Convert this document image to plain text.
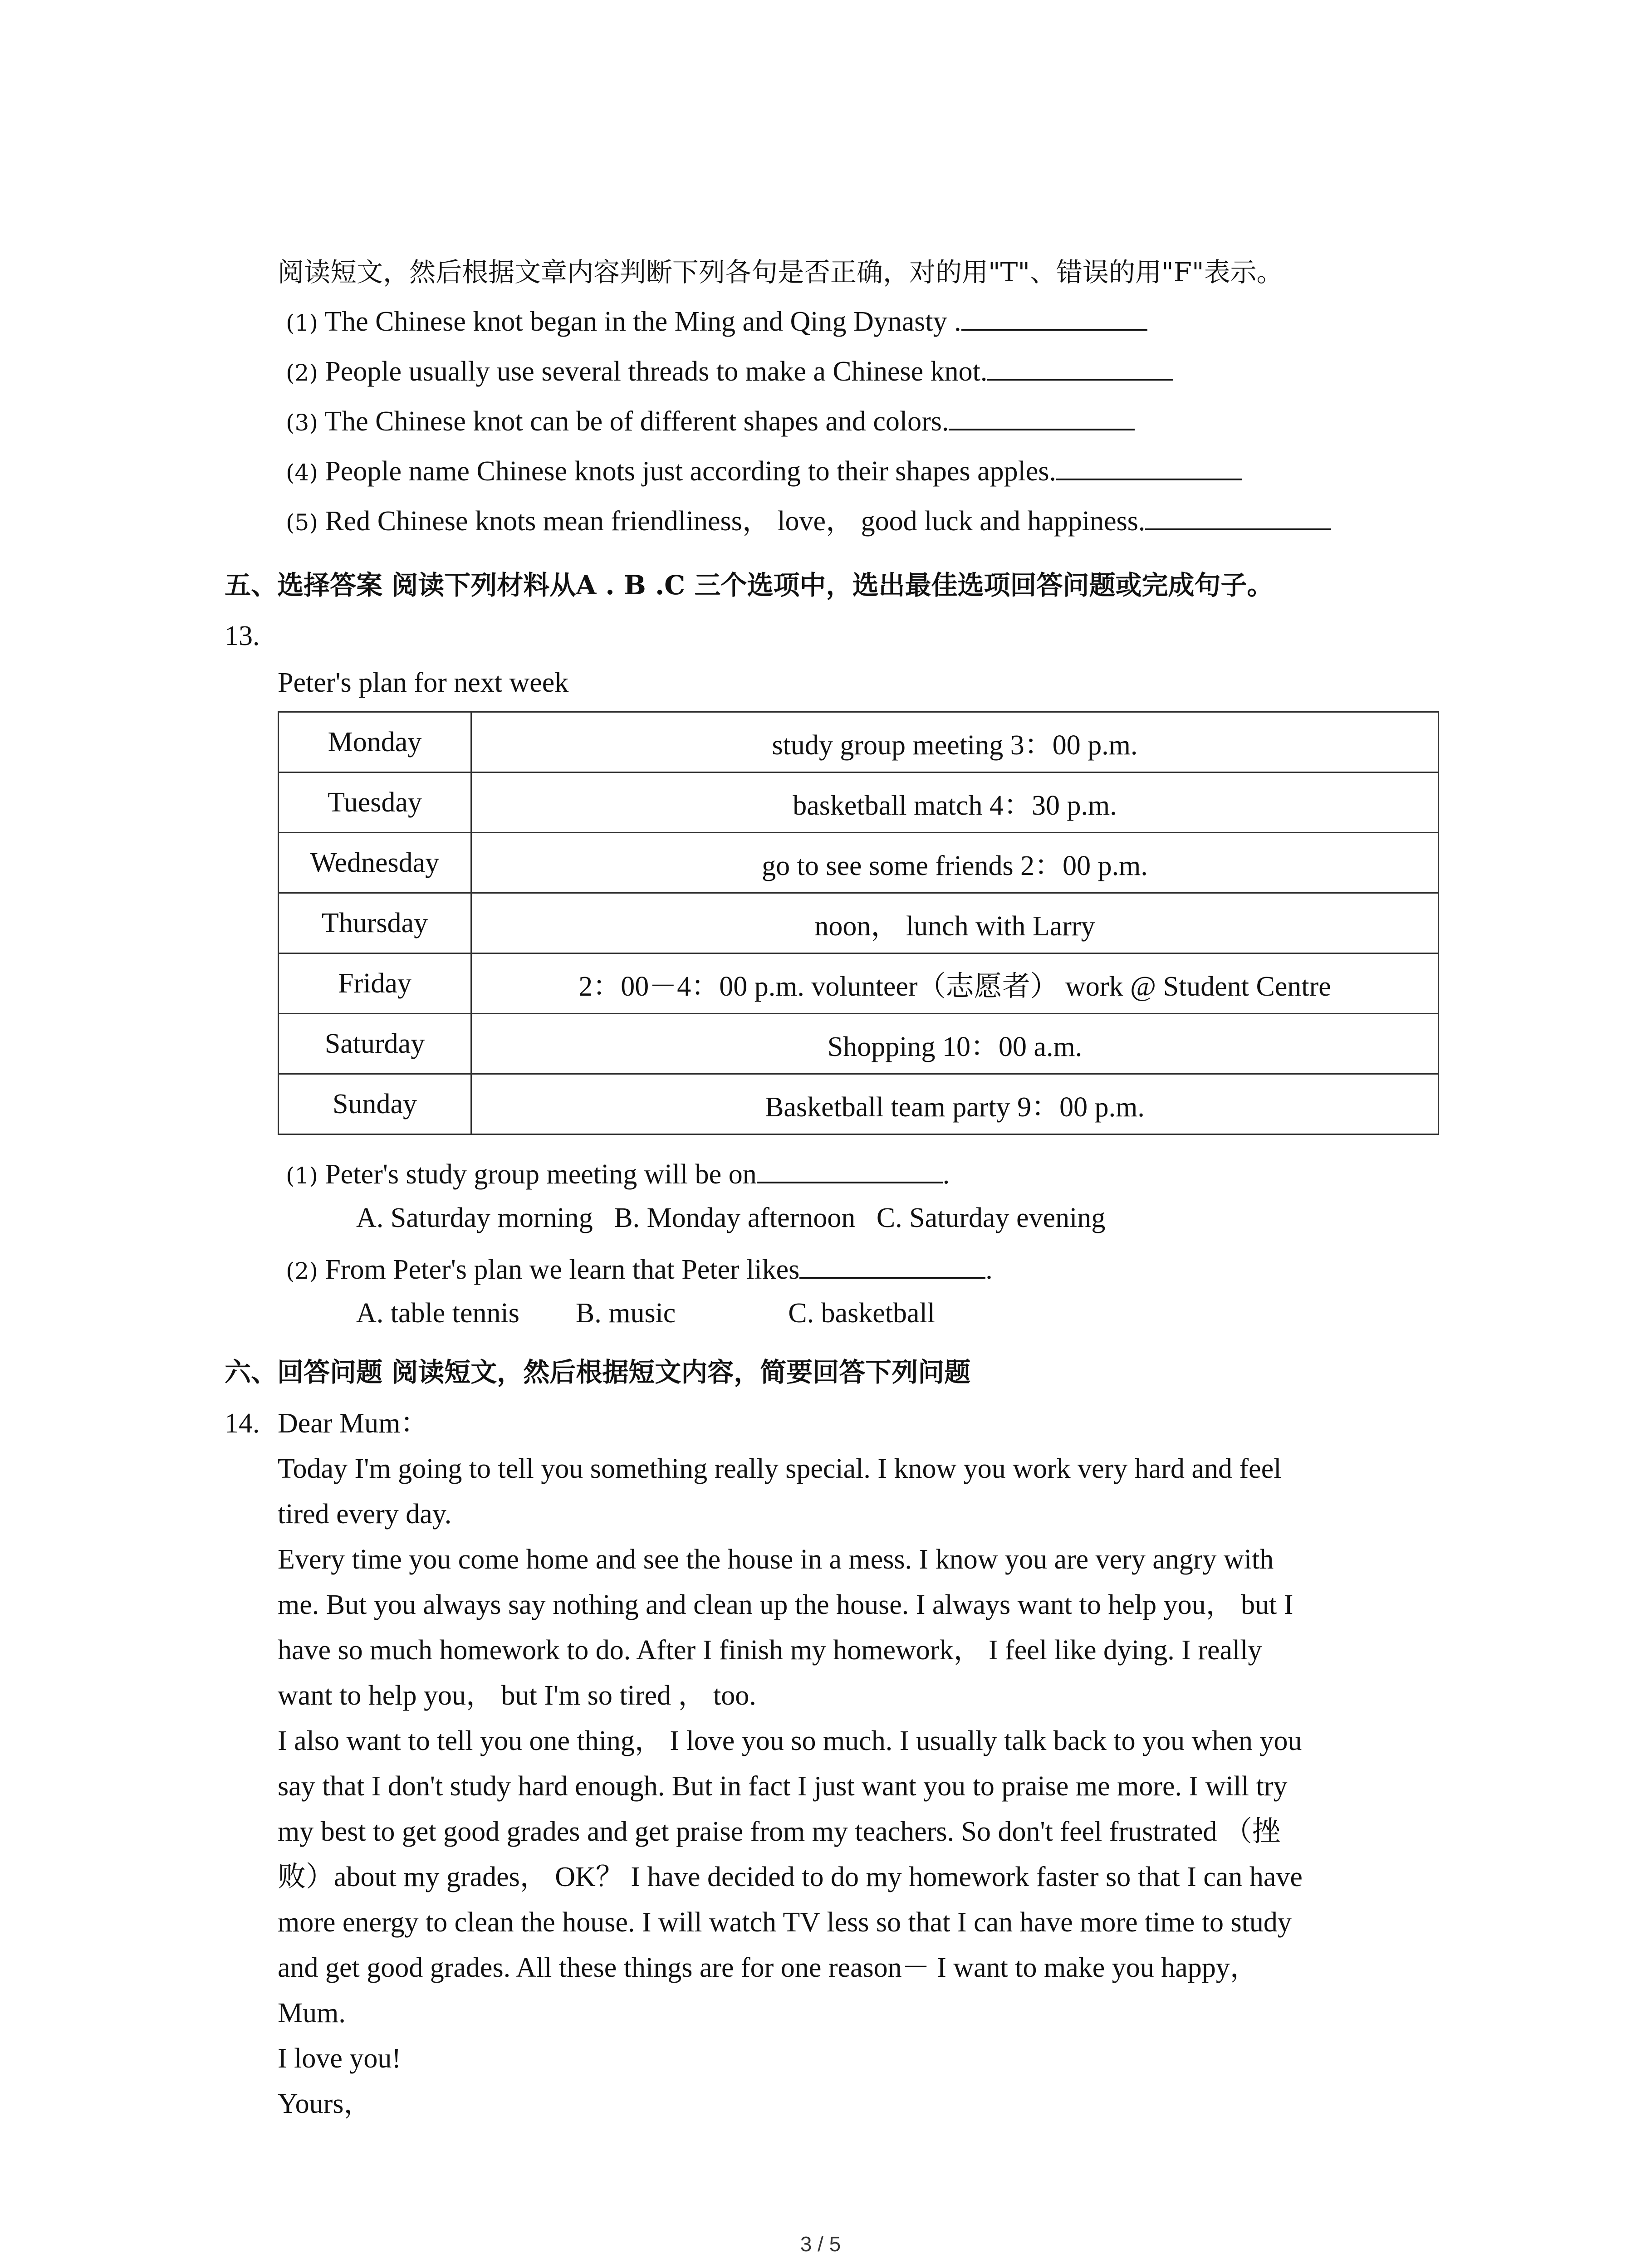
阅读短文，然后根据文章内容判断下列各句是否正确，对的用"T"、错误的用"F"表示。
(1) The Chinese knot began in the Ming and Qing Dynasty .
(2) People usually use several threads to make a Chinese knot.
(3) The Chinese knot can be of different shapes and colors.
(4) People name Chinese knots just according to their shapes apples.
(5) Red Chinese knots mean friendliness， love， good luck and happiness.
五、选择答案 阅读下列材料从A . B .C 三个选项中，选出最佳选项回答问题或完成句子。
13.
Peter's plan for next week
Monday	study group meeting 3：00 p.m.
Tuesday	basketball match 4：30 p.m.
Wednesday	go to see some friends 2：00 p.m.
Thursday	noon， lunch with Larry
Friday	2：00－4：00 p.m. volunteer（志愿者） work @ Student Centre
Saturday	Shopping 10：00 a.m.
Sunday	Basketball team party 9：00 p.m.
(1) Peter's study group meeting will be on	.
A. Saturday morning   B. Monday afternoon   C. Saturday evening
(2) From Peter's plan we learn that Peter likes	.
A. table tennis        B. music                C. basketball
六、回答问题 阅读短文，然后根据短文内容，简要回答下列问题
14. Dear Mum：
Today I'm going to tell you something really special. I know you work very hard and feel
tired every day.
Every time you come home and see the house in a mess. I know you are very angry with
me. But you always say nothing and clean up the house. I always want to help you， but I
have so much homework to do. After I finish my homework， I feel like dying. I really
want to help you， but I'm so tired ， too.
I also want to tell you one thing， I love you so much. I usually talk back to you when you
say that I don't study hard enough. But in fact I just want you to praise me more. I will try
my best to get good grades and get praise from my teachers. So don't feel frustrated （挫
败）about my grades， OK？ I have decided to do my homework faster so that I can have
more energy to clean the house. I will watch TV less so that I can have more time to study
and get good grades. All these things are for one reason－ I want to make you happy，
Mum.
I love you!
Yours，
3 / 5
